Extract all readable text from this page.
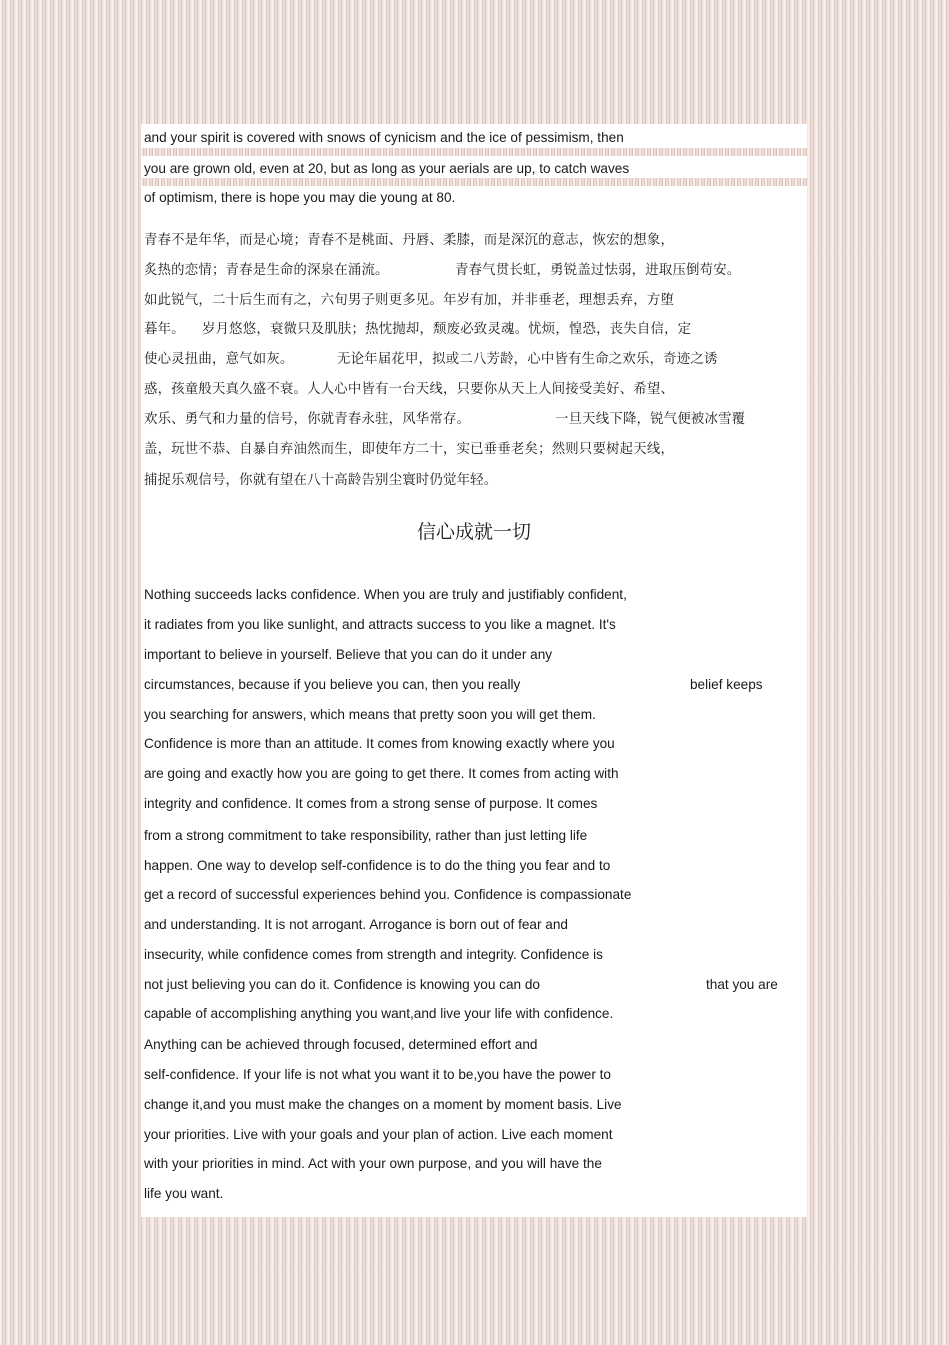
and your spirit is covered with snows of cynicism and the ice of pessimism, then
you are grown old, even at 20, but as long as your aerials are up, to catch waves
of optimism, there is hope you may die young at 80.
青春不是年华，而是心境；青春不是桃面、丹唇、柔膝，而是深沉的意志，恢宏的想象，
炙热的恋情；青春是生命的深泉在涌流。	青春气贯长虹，勇锐盖过怯弱，进取压倒苟安。
如此锐气，二十后生而有之，六旬男子则更多见。年岁有加，并非垂老，理想丢弃，方堕
暮年。 岁月悠悠，衰微只及肌肤；热忱抛却，颓废必致灵魂。忧烦，惶恐，丧失自信，定
使心灵扭曲，意气如灰。	无论年届花甲，拟或二八芳龄，心中皆有生命之欢乐，奇迹之诱
惑，孩童般天真久盛不衰。人人心中皆有一台天线，只要你从天上人间接受美好、希望、
欢乐、勇气和力量的信号，你就青春永驻，风华常存。	一旦天线下降，锐气便被冰雪覆
盖，玩世不恭、自暴自弃油然而生，即使年方二十，实已垂垂老矣；然则只要树起天线，
捕捉乐观信号，你就有望在八十高龄告别尘寰时仍觉年轻。
信心成就一切
Nothing succeeds lacks confidence. When you are truly and justifiably confident,
it radiates from you like sunlight, and attracts success to you like a magnet. It's
important to believe in yourself. Believe that you can do it under any
circumstances, because if you believe you can, then you really	belief keeps
you searching for answers, which means that pretty soon you will get them.
Confidence is more than an attitude. It comes from knowing exactly where you
are going and exactly how you are going to get there. It comes from acting with
integrity and confidence. It comes from a strong sense of purpose. It comes
from a strong commitment to take responsibility, rather than just letting life
happen. One way to develop self-confidence is to do the thing you fear and to
get a record of successful experiences behind you. Confidence is compassionate
and understanding. It is not arrogant. Arrogance is born out of fear and
insecurity, while confidence comes from strength and integrity. Confidence is
not just believing you can do it. Confidence is knowing you can do	that you are
capable of accomplishing anything you want,and live your life with confidence.
Anything can be achieved through focused, determined effort and
self-confidence. If your life is not what you want it to be,you have the power to
change it,and you must make the changes on a moment by moment basis. Live
your priorities. Live with your goals and your plan of action. Live each moment
with your priorities in mind. Act with your own purpose, and you will have the
life you want.
